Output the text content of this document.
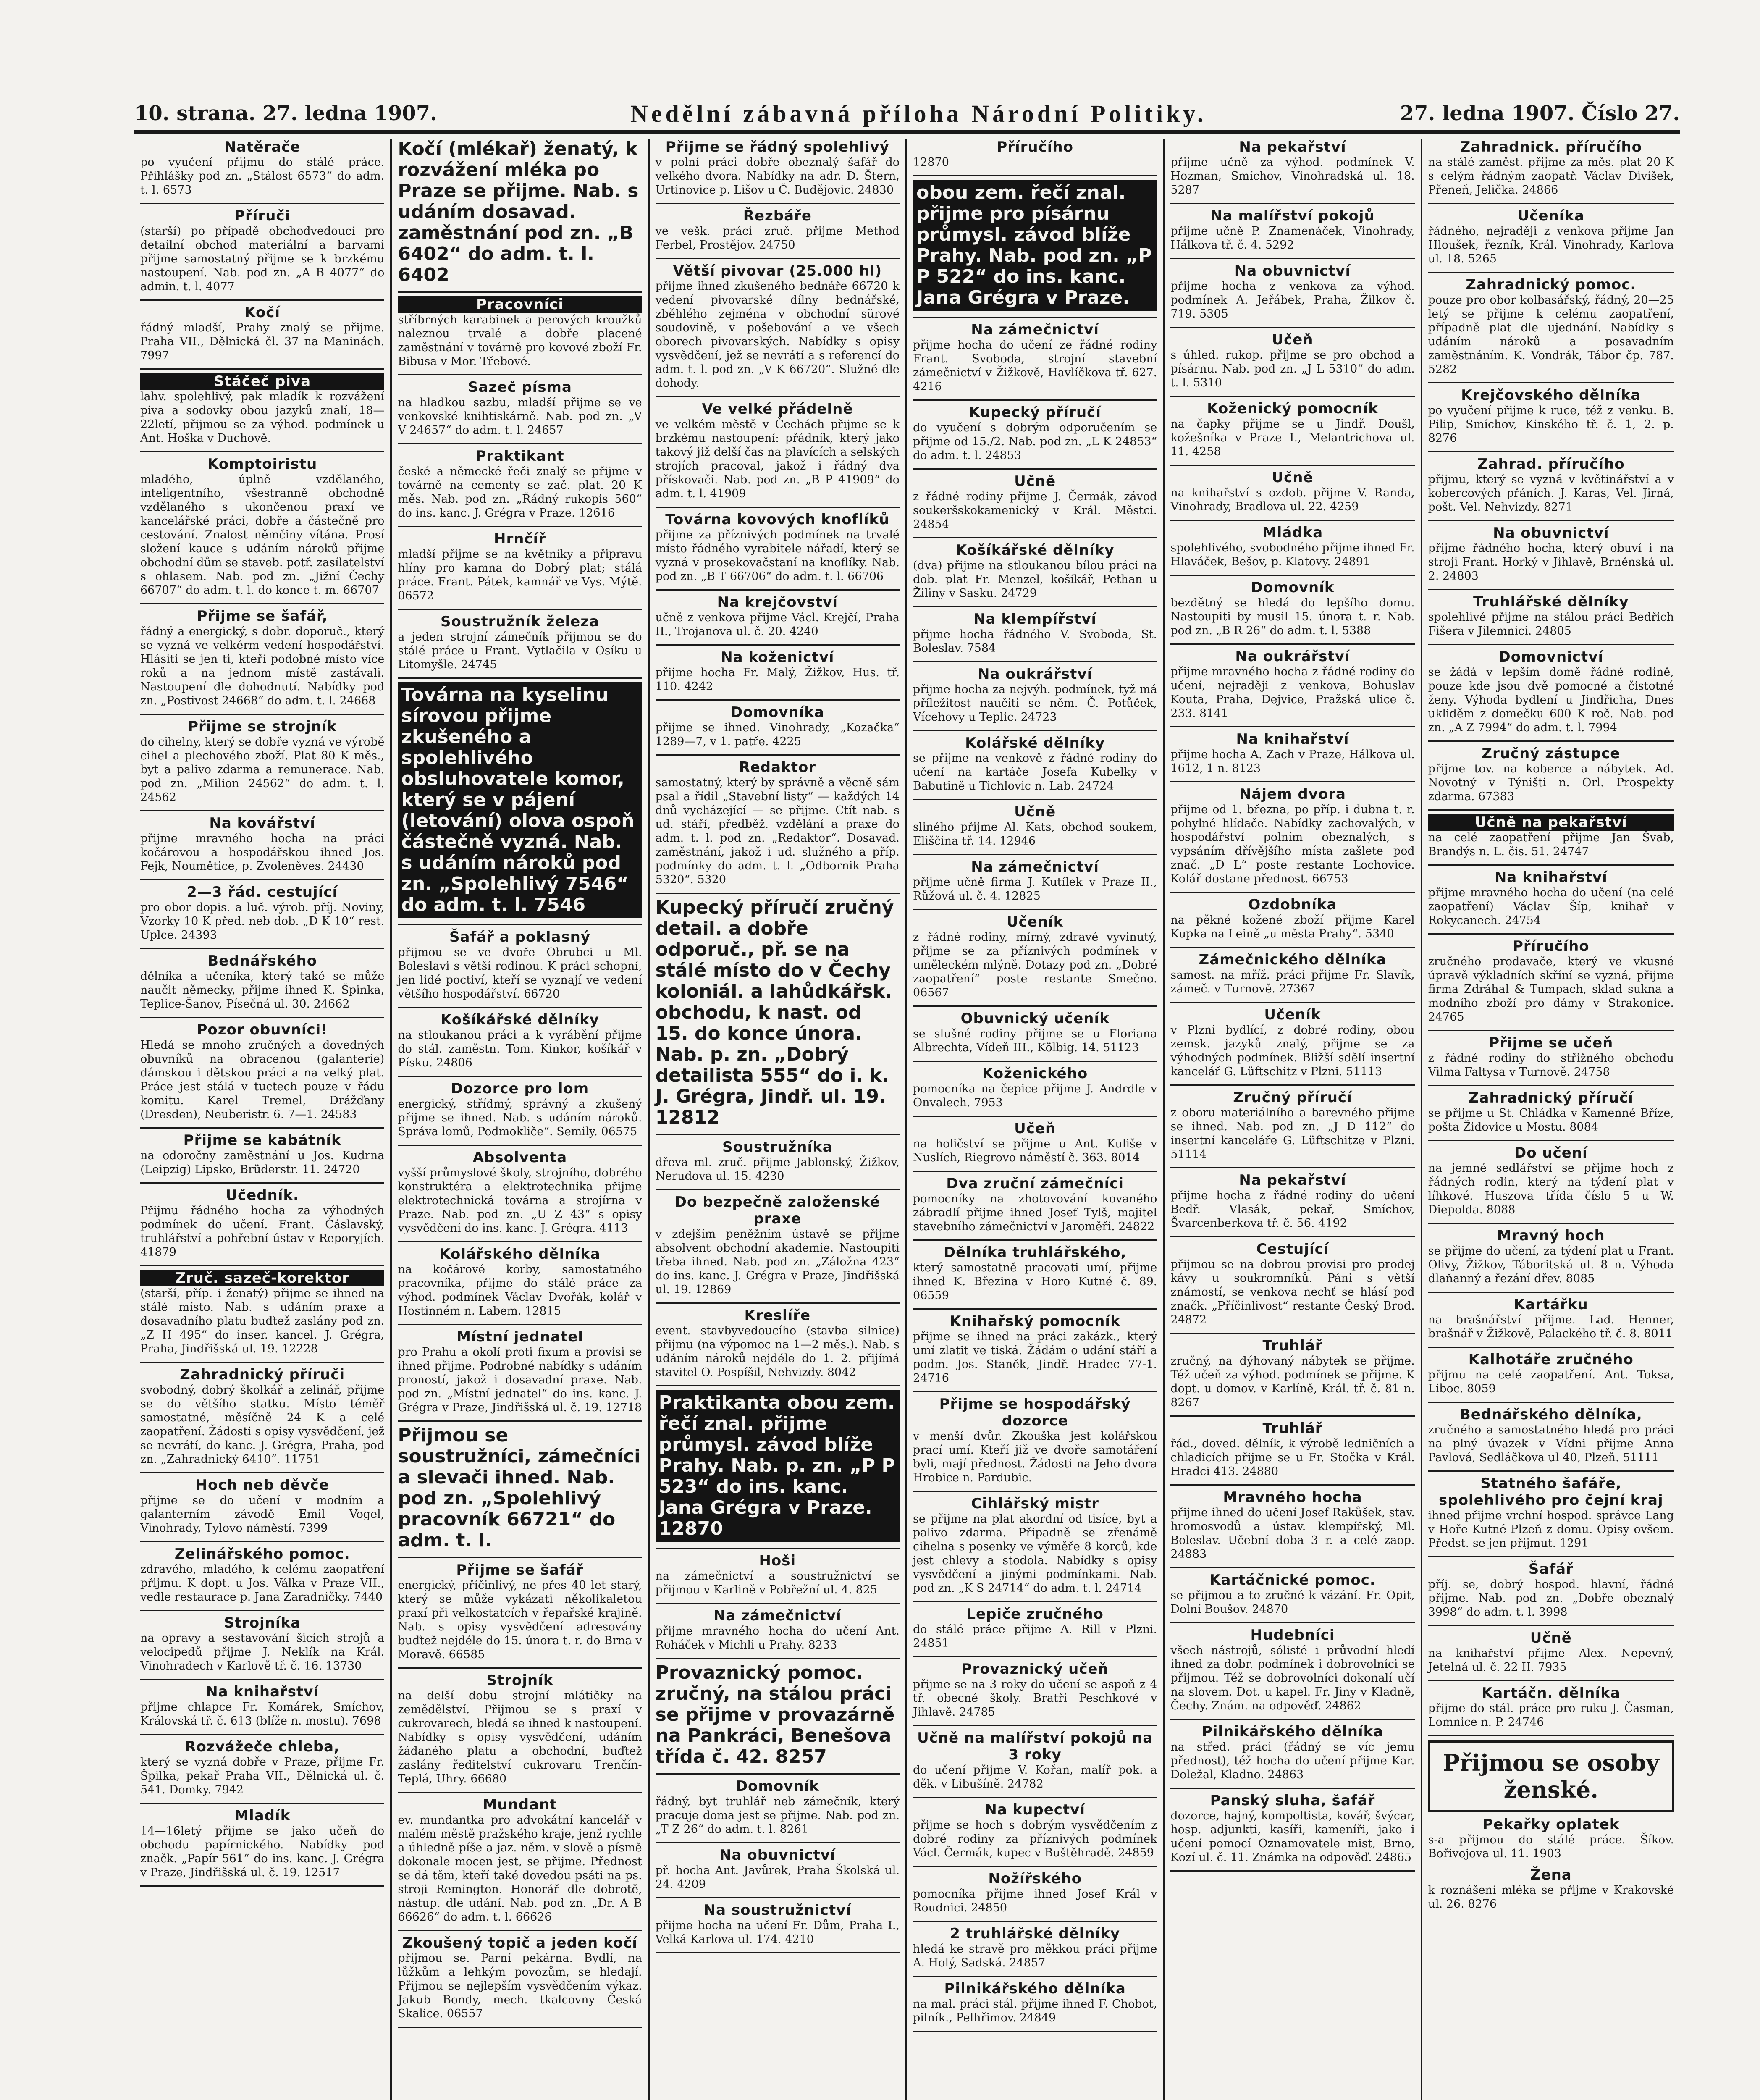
10. strana. 27. ledna 1907.	Nedělní zábavná příloha Národní Politiky.	27. ledna 1907. Číslo 27.
Natěrače
po vyučení přijmu do stálé práce. Přihlášky pod zn. „Stálost 6573“ do adm. t. l. 6573
Příruči
(starší) po případě obchodvedoucí pro detailní obchod materiální a barvami přijme samostatný přijme se k brzkému nastoupení. Nab. pod zn. „A B 4077“ do admin. t. l. 4077
Kočí
řádný mladší, Prahy znalý se přijme. Praha VII., Dělnická čl. 37 na Maninách. 7997
Stáčeč piva
lahv. spolehlivý, pak mladík k rozvážení piva a sodovky obou jazyků znalí, 18—22letí, přijmou se za výhod. podmínek u Ant. Hoška v Duchově.
Komptoiristu
mladého, úplně vzdělaného, inteligentního, všestranně obchodně vzdělaného s ukončenou praxí ve kancelářské práci, dobře a částečně pro cestování. Znalost němčiny vítána. Prosí složení kauce s udáním nároků přijme obchodní dům se staveb. potř. zasílatelství s ohlasem. Nab. pod zn. „Jižní Čechy 66707“ do adm. t. l. do konce t. m. 66707
Přijme se šafář,
řádný a energický, s dobr. doporuč., který se vyzná ve velkérm vedení hospodářství. Hlásiti se jen ti, kteří podobné místo více roků a na jednom místě zastávali. Nastoupení dle dohodnutí. Nabídky pod zn. „Postivost 24668“ do adm. t. l. 24668
Přijme se strojník
do cihelny, který se dobře vyzná ve výrobě cihel a plechového zboží. Plat 80 K měs., byt a palivo zdarma a remunerace. Nab. pod zn. „Milion 24562“ do adm. t. l. 24562
Na kovářství
přijme mravného hocha na práci kočárovou a hospodářskou ihned Jos. Fejk, Noumětice, p. Zvoleněves. 24430
2—3 řád. cestující
pro obor dopis. a luč. výrob. příj. Noviny, Vzorky 10 K před. neb dob. „D K 10“ rest. Uplce. 24393
Bednářského
dělníka a učeníka, který také se může naučit německy, přijme ihned K. Špinka, Teplice-Šanov, Písečná ul. 30. 24662
Pozor obuvníci!
Hledá se mnoho zručných a dovedných obuvníků na obracenou (galanterie) dámskou i dětskou práci a na velký plat. Práce jest stálá v tuctech pouze v řádu komitu. Karel Tremel, Drážďany (Dresden), Neuberistr. 6. 7—1. 24583
Přijme se kabátník
na odoročny zaměstnání u Jos. Kudrna (Leipzig) Lipsko, Brüderstr. 11. 24720
Učedník.
Přijmu řádného hocha za výhodných podmínek do učení. Frant. Čáslavský, truhlářství a pohřební ústav v Reporyjích. 41879
Zruč. sazeč-korektor
(starší, příp. i ženatý) přijme se ihned na stálé místo. Nab. s udáním praxe a dosavadního platu buďtež zaslány pod zn. „Z H 495“ do inser. kancel. J. Grégra, Praha, Jindřišská ul. 19. 12228
Zahradnický příruči
svobodný, dobrý školkář a zelinář, přijme se do většího statku. Místo téměř samostatné, měsíčně 24 K a celé zaopatření. Žádosti s opisy vysvědčení, jež se nevrátí, do kanc. J. Grégra, Praha, pod zn. „Zahradnický 6410“. 11751
Hoch neb děvče
přijme se do učení v modním a galanterním závodě Emil Vogel, Vinohrady, Tylovo náměstí. 7399
Zelinářského pomoc.
zdravého, mladého, k celému zaopatření přijmu. K dopt. u Jos. Válka v Praze VII., vedle restaurace p. Jana Zaradničky. 7440
Strojníka
na opravy a sestavování šicích strojů a velocipedů přijme J. Neklík na Král. Vinohradech v Karlově tř. č. 16. 13730
Na knihařství
přijme chlapce Fr. Komárek, Smíchov, Královská tř. č. 613 (blíže n. mostu). 7698
Rozvážeče chleba,
který se vyzná dobře v Praze, přijme Fr. Špilka, pekař Praha VII., Dělnická ul. č. 541. Domky. 7942
Mladík
14—16letý přijme se jako učeň do obchodu papírnického. Nabídky pod značk. „Papír 561“ do ins. kanc. J. Grégra v Praze, Jindřišská ul. č. 19. 12517
Kočí (mlékař) ženatý, k rozvážení mléka po Praze se přijme. Nab. s udáním dosavad. zaměstnání pod zn. „B 6402“ do adm. t. l. 6402
Pracovníci
stříbrných karabinek a perových kroužků naleznou trvalé a dobře placené zaměstnání v továrně pro kovové zboží Fr. Bibusa v Mor. Třebové.
Sazeč písma
na hladkou sazbu, mladší přijme se ve venkovské knihtiskárně. Nab. pod zn. „V V 24657“ do adm. t. l. 24657
Praktikant
české a německé řeči znalý se přijme v továrně na cementy se zač. plat. 20 K měs. Nab. pod zn. „Řádný rukopis 560“ do ins. kanc. J. Grégra v Praze. 12616
Hrnčíř
mladší přijme se na květníky a připravu hlíny pro kamna do Dobrý plat; stálá práce. Frant. Pátek, kamnář ve Vys. Mýtě. 06572
Soustružník železa
a jeden strojní zámečník přijmou se do stálé práce u Frant. Vytlačila v Osíku u Litomyšle. 24745
Továrna na kyselinu sírovou přijme zkušeného a spolehlivého obsluhovatele komor, který se v pájení (letování) olova ospoň částečně vyzná. Nab. s udáním nároků pod zn. „Spolehlivý 7546“ do adm. t. l. 7546
Šafář a poklasný
přijmou se ve dvoře Obrubci u Ml. Boleslavi s větší rodinou. K práci schopní, jen lidé poctiví, kteří se vyznají ve vedení většího hospodářství. 66720
Košíkářské dělníky
na stloukanou práci a k vyrábění přijme do stál. zaměstn. Tom. Kinkor, košíkář v Písku. 24806
Dozorce pro lom
energický, střídmý, správný a zkušený přijme se ihned. Nab. s udáním nároků. Správa lomů, Podmokliče“. Semily. 06575
Absolventa
vyšší průmyslové školy, strojního, dobrého konstruktéra a elektrotechnika přijme elektrotechnická továrna a strojírna v Praze. Nab. pod zn. „U Z 43“ s opisy vysvědčení do ins. kanc. J. Grégra. 4113
Kolářského dělníka
na kočárové korby, samostatného pracovníka, přijme do stálé práce za výhod. podmínek Václav Dvořák, kolář v Hostinném n. Labem. 12815
Místní jednatel
pro Prahu a okolí proti fixum a provisi se ihned přijme. Podrobné nabídky s udáním proností, jakož i dosavadní praxe. Nab. pod zn. „Místní jednatel“ do ins. kanc. J. Grégra v Praze, Jindřišská ul. č. 19. 12718
Přijmou se soustružníci, zámečníci a slevači ihned. Nab. pod zn. „Spolehlivý pracovník 66721“ do adm. t. l.
Přijme se šafář
energický, příčinlivý, ne přes 40 let starý, který se může vykázati několikaletou praxí při velkostatcích v řepařské krajině. Nab. s opisy vysvědčení adresovány buďtež nejdéle do 15. února t. r. do Brna v Moravě. 66585
Strojník
na delší dobu strojní mlátičky na zemědělství. Přijmou se s praxí v cukrovarech, bledá se ihned k nastoupení. Nabídky s opisy vysvědčení, udáním žádaného platu a obchodní, buďtež zaslány ředitelství cukrovaru Trenčín-Teplá, Uhry. 66680
Mundant
ev. mundantka pro advokátní kancelář v malém městě pražského kraje, jenž rychle a úhledně píše a jaz. něm. v slově a písmě dokonale mocen jest, se přijme. Přednost se dá těm, kteří také dovedou psáti na ps. stroji Remington. Honorář dle dobrotě, nástup. dle udání. Nab. pod zn. „Dr. A B 66626“ do adm. t. l. 66626
Zkoušený topič a jeden kočí
přijmou se. Parní pekárna. Bydlí, na lůžkům a lehkým povozům, se hledají. Přijmou se nejlepším vysvědčením výkaz. Jakub Bondy, mech. tkalcovny Česká Skalice. 06557
Přijme se řádný spolehlivý
v polní práci dobře obeznalý šafář do velkého dvora. Nabídky na adr. D. Štern, Urtinovice p. Lišov u Č. Budějovic. 24830
Řezbáře
ve vešk. práci zruč. přijme Method Ferbel, Prostějov. 24750
Větší pivovar (25.000 hl)
přijme ihned zkušeného bednáře 66720 k vedení pivovarské dílny bednářské, zběhlého zejména v obchodní sürové soudovině, v pošebování a ve všech oborech pivovarských. Nabídky s opisy vysvědčení, jež se nevrátí a s referencí do adm. t. l. pod zn. „V K 66720“. Služné dle dohody.
Ve velké přádelně
ve velkém městě v Čechách přijme se k brzkému nastoupení: přádník, který jako takový již delší čas na plavících a selských strojích pracoval, jakož i řádný dva přískovači. Nab. pod zn. „B P 41909“ do adm. t. l. 41909
Továrna kovových knoflíků
přijme za příznivých podmínek na trvalé místo řádného vyrabitele nářadí, který se vyzná v prosekovačstaní na knoflíky. Nab. pod zn. „B T 66706“ do adm. t. l. 66706
Na krejčovství
učně z venkova přijme Václ. Krejčí, Praha II., Trojanova ul. č. 20. 4240
Na koženictví
přijme hocha Fr. Malý, Žižkov, Hus. tř. 110. 4242
Domovníka
přijme se ihned. Vinohrady, „Kozačka“ 1289—7, v 1. patře. 4225
Redaktor
samostatný, který by správně a věcně sám psal a řídil „Stavební listy“ — každých 14 dnů vycházející — se přijme. Ctít nab. s ud. stáří, předběž. vzdělání a praxe do adm. t. l. pod zn. „Redaktor“. Dosavad. zaměstnání, jakož i ud. služného a příp. podmínky do adm. t. l. „Odbornik Praha 5320“. 5320
Kupecký příručí zručný detail. a dobře odporuč., př. se na stálé místo do v Čechy koloniál. a lahůdkářsk. obchodu, k nast. od 15. do konce února. Nab. p. zn. „Dobrý detailista 555“ do i. k. J. Grégra, Jindř. ul. 19. 12812
Soustružníka
dřeva ml. zruč. přijme Jablonský, Žižkov, Nerudova ul. 15. 4230
Do bezpečně založenské praxe
v zdejším peněžním ústavě se přijme absolvent obchodní akademie. Nastoupiti třeba ihned. Nab. pod zn. „Záložna 423“ do ins. kanc. J. Grégra v Praze, Jindřišská ul. 19. 12869
Kreslíře
event. stavbyvedoucího (stavba silnice) přijmu (na výpomoc na 1—2 měs.). Nab. s udáním nároků nejdéle do 1. 2. přijímá stavitel O. Pospíšil, Nehvizdy. 8042
Praktikanta obou zem. řečí znal. přijme průmysl. závod blíže Prahy. Nab. p. zn. „P P 523“ do ins. kanc. Jana Grégra v Praze. 12870
Hoši
na zámečnictví a soustružnictví se přijmou v Karlině v Pobřežní ul. 4. 825
Na zámečnictví
přijme mravného hocha do učení Ant. Roháček v Michli u Prahy. 8233
Provaznický pomoc. zručný, na stálou práci se přijme v provazárně na Pankráci, Benešova třída č. 42. 8257
Domovník
řádný, byt truhlář neb zámečník, který pracuje doma jest se přijme. Nab. pod zn. „T Z 26“ do adm. t. l. 8261
Na obuvnictví
př. hocha Ant. Javůrek, Praha Školská ul. 24. 4209
Na soustružnictví
přijme hocha na učení Fr. Dům, Praha I., Velká Karlova ul. 174. 4210
Příručího
12870
obou zem. řečí znal. přijme pro písárnu průmysl. závod blíže Prahy. Nab. pod zn. „P P 522“ do ins. kanc. Jana Grégra v Praze.
Na zámečnictví
přijme hocha do učení ze řádné rodiny Frant. Svoboda, strojní stavební zámečnictví v Žižkově, Havlíčkova tř. 627. 4216
Kupecký příručí
do vyučení s dobrým odporučením se přijme od 15./2. Nab. pod zn. „L K 24853“ do adm. t. l. 24853
Učně
z řádné rodiny přijme J. Čermák, závod soukeršskokamenický v Král. Městci. 24854
Košíkářské dělníky
(dva) přijme na stloukanou bílou práci na dob. plat Fr. Menzel, košíkář, Pethan u Žiliny v Sasku. 24729
Na klempířství
přijme hocha řádného V. Svoboda, St. Boleslav. 7584
Na oukrářství
přijme hocha za nejvýh. podmínek, tyž má příležitost naučiti se něm. Č. Potůček, Vícehovy u Teplic. 24723
Kolářské dělníky
se přijme na venkově z řádné rodiny do učení na kartáče Josefa Kubelky v Babutině u Tichlovic n. Lab. 24724
Učně
sliného přijme Al. Kats, obchod soukem, Eliščina tř. 14. 12946
Na zámečnictví
přijme učně firma J. Kutílek v Praze II., Růžová ul. č. 4. 12825
Učeník
z řádné rodiny, mírný, zdravé vyvinutý, přijme se za příznivých podmínek v uměleckém mlýně. Dotazy pod zn. „Dobré zaopatření“ poste restante Smečno. 06567
Obuvnický učeník
se slušné rodiny přijme se u Floriana Albrechta, Vídeň III., Kölbig. 14. 51123
Koženického
pomocníka na čepice přijme J. Andrdle v Onvalech. 7953
Učeň
na holičství se přijme u Ant. Kuliše v Nuslích, Riegrovo náměstí č. 363. 8014
Dva zruční zámečníci
pomocníky na zhotovování kovaného zábradlí přijme ihned Josef Tylš, majitel stavebního zámečnictví v Jaroměři. 24822
Dělníka truhlářského,
který samostatně pracovati umí, přijme ihned K. Březina v Horo Kutné č. 89. 06559
Knihařský pomocník
přijme se ihned na práci zakázk., který umí zlatit ve tiská. Žádám o udání stáří a podm. Jos. Staněk, Jindř. Hradec 77-1. 24716
Přijme se hospodářský dozorce
v menší dvůr. Zkouška jest kolářskou prací umí. Kteří již ve dvoře samotáření byli, mají přednost. Žádosti na Jeho dvora Hrobice n. Pardubic.
Cihlářský mistr
se přijme na plat akordní od tisíce, byt a palivo zdarma. Připadně se zřenámě cihelna s posenky ve výměře 8 korců, kde jest chlevy a stodola. Nabídky s opisy vysvědčení a jinými podmínkami. Nab. pod zn. „K S 24714“ do adm. t. l. 24714
Lepiče zručného
do stálé práce přijme A. Rill v Plzni. 24851
Provaznický učeň
přijme se na 3 roky do učení se aspoň z 4 tř. obecné školy. Bratři Peschkové v Jihlavě. 24785
Učně na malířství pokojů na 3 roky
do učení přijme V. Kořan, malíř pok. a děk. v Libušíně. 24782
Na kupectví
přijme se hoch s dobrým vysvědčením z dobré rodiny za příznivých podmínek Václ. Čermák, kupec v Buštěhradě. 24859
Nožířského
pomocníka přijme ihned Josef Král v Roudnici. 24850
2 truhlářské dělníky
hledá ke stravě pro měkkou práci přijme A. Holý, Sadská. 24857
Pilnikářského dělníka
na mal. práci stál. přijme ihned F. Chobot, pilník., Pelhřimov. 24849
Na pekařství
přijme učně za výhod. podmínek V. Hozman, Smíchov, Vinohradská ul. 18. 5287
Na malířství pokojů
přijme učně P. Znamenáček, Vinohrady, Hálkova tř. č. 4. 5292
Na obuvnictví
přijme hocha z venkova za výhod. podmínek A. Jeřábek, Praha, Žilkov č. 719. 5305
Učeň
s úhled. rukop. přijme se pro obchod a písárnu. Nab. pod zn. „J L 5310“ do adm. t. l. 5310
Koženický pomocník
na čapky přijme se u Jindř. Doušl, kožešníka v Praze I., Melantrichova ul. 11. 4258
Učně
na knihařství s ozdob. přijme V. Randa, Vinohrady, Bradlova ul. 22. 4259
Mládka
spolehlivého, svobodného přijme ihned Fr. Hlaváček, Bešov, p. Klatovy. 24891
Domovník
bezdětný se hledá do lepšího domu. Nastoupiti by musil 15. února t. r. Nab. pod zn. „B R 26“ do adm. t. l. 5388
Na oukrářství
přijme mravného hocha z řádné rodiny do učení, nejraději z venkova, Bohuslav Kouta, Praha, Dejvice, Pražská ulice č. 233. 8141
Na knihařství
přijme hocha A. Zach v Praze, Hálkova ul. 1612, 1 n. 8123
Nájem dvora
přijme od 1. března, po příp. i dubna t. r. pohylné hlídače. Nabídky zachovalých, v hospodářství polním obeznalých, s vypsáním dřívějšího místa zašlete pod znač. „D L“ poste restante Lochovice. Kolář dostane přednost. 66753
Ozdobníka
na pěkné kožené zboží přijme Karel Kupka na Leině „u města Prahy“. 5340
Zámečnického dělníka
samost. na mříž. práci přijme Fr. Slavík, zámeč. v Turnově. 27367
Učeník
v Plzni bydlící, z dobré rodiny, obou zemsk. jazyků znalý, přijme se za výhodných podmínek. Bližší sdělí insertní kancelář G. Lüftschitz v Plzni. 51113
Zručný příručí
z oboru materiálního a barevného přijme se ihned. Nab. pod zn. „J D 112“ do insertní kanceláře G. Lüftschitze v Plzni. 51114
Na pekařství
přijme hocha z řádné rodiny do učení Bedř. Vlasák, pekař, Smíchov, Švarcenberkova tř. č. 56. 4192
Cestující
přijmou se na dobrou provisi pro prodej kávy u soukromníků. Páni s větší známostí, se venkova nechť se hlásí pod značk. „Příčinlivost“ restante Český Brod. 24872
Truhlář
zručný, na dýhovaný nábytek se přijme. Též učeň za výhod. podmínek se přijme. K dopt. u domov. v Karlíně, Král. tř. č. 81 n. 8267
Truhlář
řád., doved. dělník, k výrobě ledničních a chladicích přijme se u Fr. Stočka v Král. Hradci 413. 24880
Mravného hocha
přijme ihned do učení Josef Rakůšek, stav. hromosvodů a ústav. klempířský, Ml. Boleslav. Učební doba 3 r. a celé zaop. 24883
Kartáčnické pomoc.
se přijmou a to zručné k vázání. Fr. Opit, Dolní Boušov. 24870
Hudebníci
všech nástrojů, sólisté i průvodní hledí ihned za dobr. podmínek i dobrovolníci se přijmou. Též se dobrovolníci dokonalí učí na slovem. Dot. u kapel. Fr. Jiny v Kladně, Čechy. Znám. na odpověď. 24862
Pilnikářského dělníka
na střed. práci (řádný se víc jemu přednost), též hocha do učení přijme Kar. Doležal, Kladno. 24863
Panský sluha, šafář
dozorce, hajný, kompoltista, kovář, švýcar, hosp. adjunkti, kasíři, kameníři, jako i učení pomocí Oznamovatele mist, Brno, Kozí ul. č. 11. Známka na odpověď. 24865
Zahradnick. příručího
na stálé zaměst. přijme za měs. plat 20 K s celým řádným zaopatř. Václav Divíšek, Přeneň, Jelička. 24866
Učeníka
řádného, nejraději z venkova přijme Jan Hloušek, řezník, Král. Vinohrady, Karlova ul. 18. 5265
Zahradnický pomoc.
pouze pro obor kolbasářský, řádný, 20—25 letý se přijme k celému zaopatření, případně plat dle ujednání. Nabídky s udáním nároků a posavadním zaměstnáním. K. Vondrák, Tábor čp. 787. 5282
Krejčovského dělníka
po vyučení přijme k ruce, též z venku. B. Pilip, Smíchov, Kinského tř. č. 1, 2. p. 8276
Zahrad. příručího
přijmu, který se vyzná v květinářství a v kobercových přáních. J. Karas, Vel. Jirná, pošt. Vel. Nehvizdy. 8271
Na obuvnictví
přijme řádného hocha, který obuví i na stroji Frant. Horký v Jihlavě, Brněnská ul. 2. 24803
Truhlářské dělníky
spolehlivé přijme na stálou práci Bedřich Fišera v Jilemnici. 24805
Domovnictví
se žádá v lepším domě řádné rodině, pouze kde jsou dvě pomocné a čistotné ženy. Výhoda bydlení u Jindřicha, Dnes ukliděm z domečku 600 K roč. Nab. pod zn. „A Z 7994“ do adm. t. l. 7994
Zručný zástupce
přijme tov. na koberce a nábytek. Ad. Novotný v Týništi n. Orl. Prospekty zdarma. 67383
Učně na pekařství
na celé zaopatření přijme Jan Švab, Brandýs n. L. čis. 51. 24747
Na knihařství
přijme mravného hocha do učení (na celé zaopatření) Václav Šíp, knihař v Rokycanech. 24754
Příručího
zručného prodavače, který ve vkusné úpravě výkladních skříní se vyzná, přijme firma Zdráhal & Tumpach, sklad sukna a modního zboží pro dámy v Strakonice. 24765
Přijme se učeň
z řádné rodiny do střižného obchodu Vilma Faltysa v Turnově. 24758
Zahradnický příručí
se přijme u St. Chládka v Kamenné Bříze, pošta Židovice u Mostu. 8084
Do učení
na jemné sedlářství se přijme hoch z řádných rodin, který na týdení plat v líhkové. Huszova třída číslo 5 u W. Diepolda. 8088
Mravný hoch
se přijme do učení, za týdení plat u Frant. Olivy, Žižkov, Táboritská ul. 8 n. Výhoda dlaňanný a řezání dřev. 8085
Kartářku
na brašnářství přijme. Lad. Henner, brašnář v Žižkově, Palackého tř. č. 8. 8011
Kalhotáře zručného
přijmu na celé zaopatření. Ant. Toksa, Liboc. 8059
Bednářského dělníka,
zručného a samostatného hledá pro práci na plný úvazek v Vídni přijme Anna Pavlová, Sedláčkova ul 40, Plzeň. 51111
Statného šafáře, spolehlivého pro čejní kraj
ihned přijme vrchní hospod. správce Lang v Hoře Kutné Plzeň z domu. Opisy ovšem. Předst. se jen přijmut. 1291
Šafář
příj. se, dobrý hospod. hlavní, řádné přijme. Nab. pod zn. „Dobře obeznalý 3998“ do adm. t. l. 3998
Učně
na knihařství přijme Alex. Nepevný, Jetelná ul. č. 22 II. 7935
Kartáčn. dělníka
přijme do stál. práce pro ruku J. Časman, Lomnice n. P. 24746
Přijmou se osoby ženské.
Pekařky oplatek
s-a přijmou do stálé práce. Šíkov. Bořivojova ul. 11. 1903
Žena
k roznášení mléka se přijme v Krakovské ul. 26. 8276
